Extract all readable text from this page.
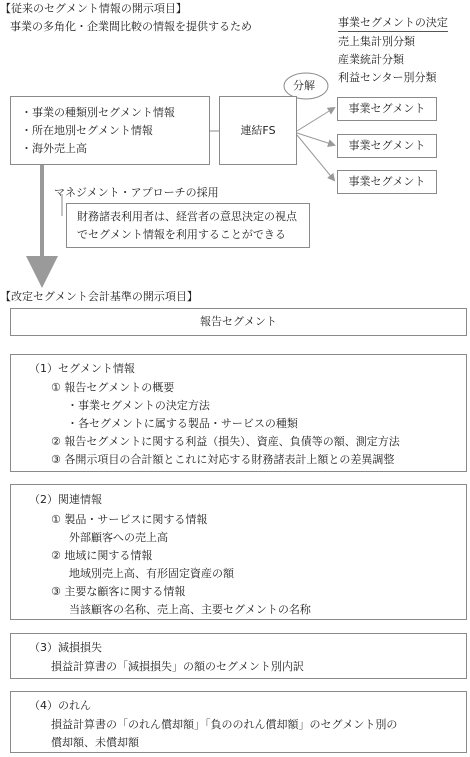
【従来のセグメント情報の開示項目】
事業の多角化・企業間比較の情報を提供するため	事業セグメントの決定
売上集計別分類
産業統計分類
利益センター別分類
分解
・事業の種類別セグメント情報
・所在地別セグメント情報
・海外売上高
連結FS
事業セグメント
事業セグメント
事業セグメント
マネジメント・アプローチの採用
財務諸表利用者は、経営者の意思決定の視点
でセグメント情報を利用することができる
【改定セグメント会計基準の開示項目】
報告セグメント
（1）セグメント情報
① 報告セグメントの概要
・事業セグメントの決定方法
・各セグメントに属する製品・サービスの種類
② 報告セグメントに関する利益（損失）、資産、負債等の額、測定方法
③ 各開示項目の合計額とこれに対応する財務諸表計上額との差異調整
（2）関連情報
① 製品・サービスに関する情報
外部顧客への売上高
② 地域に関する情報
地域別売上高、有形固定資産の額
③ 主要な顧客に関する情報
当該顧客の名称、売上高、主要セグメントの名称
（3）減損損失
損益計算書の「減損損失」の額のセグメント別内訳
（4）のれん
損益計算書の「のれん償却額」「負ののれん償却額」のセグメント別の
償却額、未償却額
